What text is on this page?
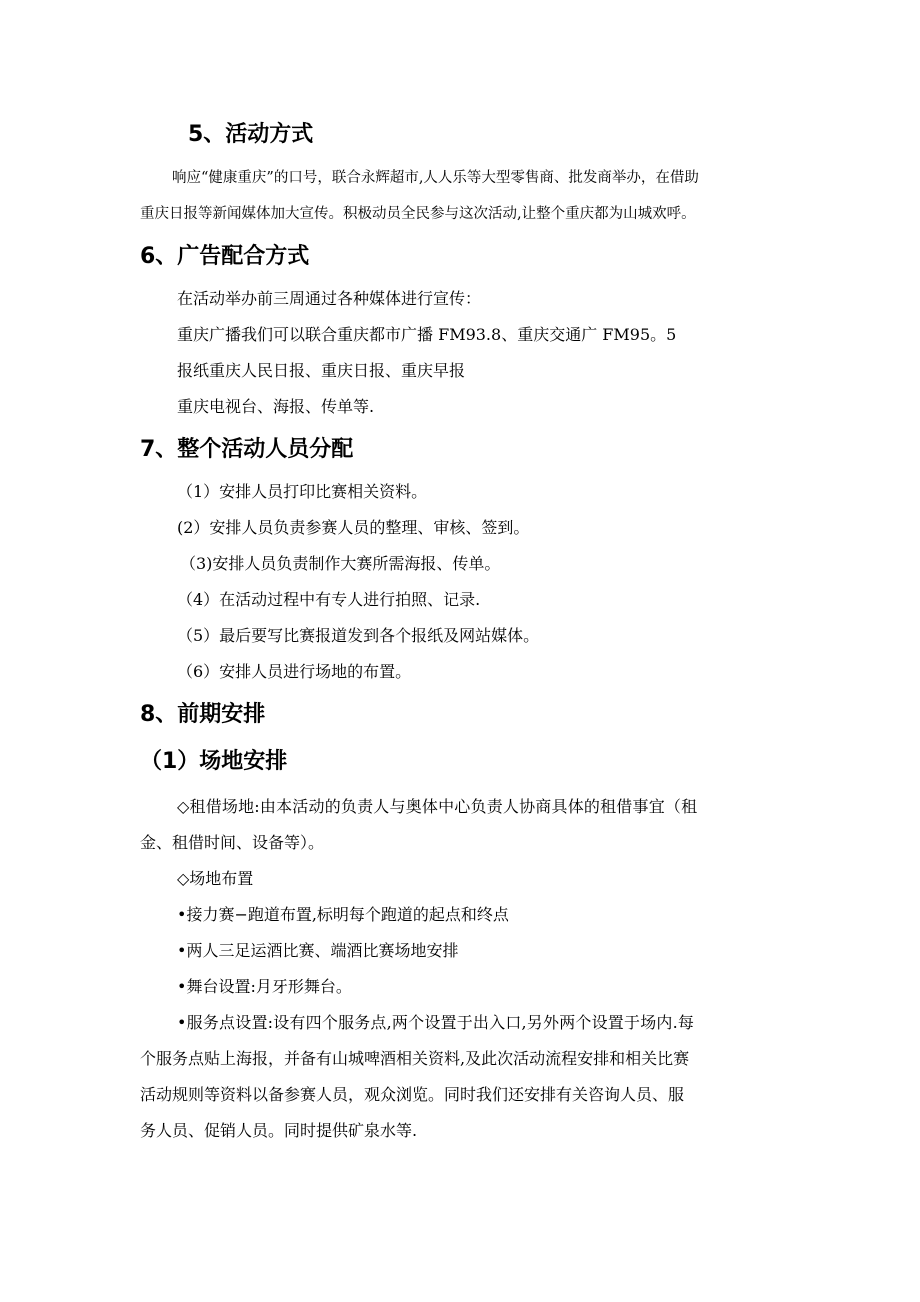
5、活动方式

响应“健康重庆”的口号，联合永辉超市,人人乐等大型零售商、批发商举办，在借助

重庆日报等新闻媒体加大宣传。积极动员全民参与这次活动,让整个重庆都为山城欢呼。

6、广告配合方式

在活动举办前三周通过各种媒体进行宣传：

重庆广播我们可以联合重庆都市广播 FM93.8、重庆交通广 FM95。5

报纸重庆人民日报、重庆日报、重庆早报

重庆电视台、海报、传单等.

7、整个活动人员分配

（1）安排人员打印比赛相关资料。

(2）安排人员负责参赛人员的整理、审核、签到。

（3)安排人员负责制作大赛所需海报、传单。

（4）在活动过程中有专人进行拍照、记录.

（5）最后要写比赛报道发到各个报纸及网站媒体。

（6）安排人员进行场地的布置。

8、前期安排
（1）场地安排

◇租借场地:由本活动的负责人与奥体中心负责人协商具体的租借事宜（租

金、租借时间、设备等）。

◇场地布置

•接力赛−跑道布置,标明每个跑道的起点和终点

•两人三足运酒比赛、端酒比赛场地安排

•舞台设置:月牙形舞台。

•服务点设置:设有四个服务点,两个设置于出入口,另外两个设置于场内.每

个服务点贴上海报，并备有山城啤酒相关资料,及此次活动流程安排和相关比赛

活动规则等资料以备参赛人员，观众浏览。同时我们还安排有关咨询人员、服

务人员、促销人员。同时提供矿泉水等.
